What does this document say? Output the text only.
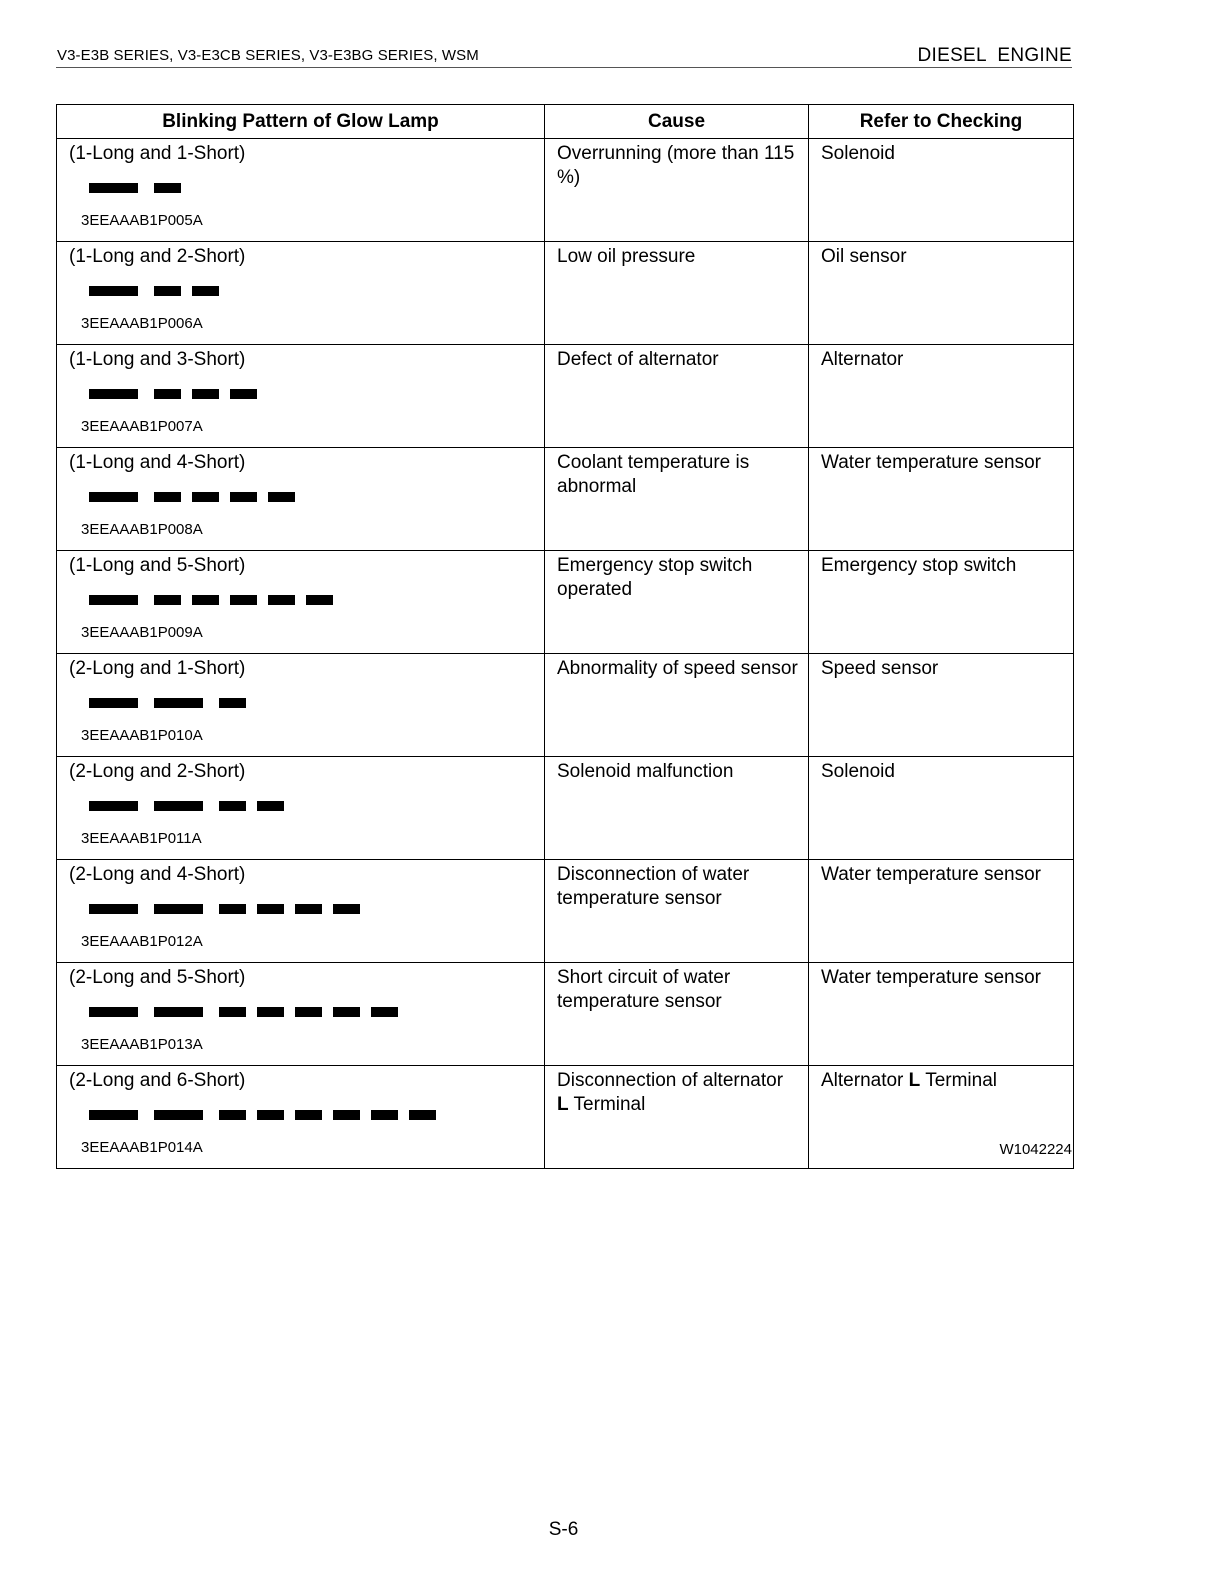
V3-E3B SERIES, V3-E3CB SERIES, V3-E3BG SERIES, WSM	DIESEL  ENGINE
Blinking Pattern of Glow Lamp	Cause	Refer to Checking

(1-Long and 1-Short)
3EEAAAB1P005A	Overrunning (more than 115 %)	Solenoid

(1-Long and 2-Short)
3EEAAAB1P006A	Low oil pressure	Oil sensor

(1-Long and 3-Short)
3EEAAAB1P007A	Defect of alternator	Alternator

(1-Long and 4-Short)
3EEAAAB1P008A	Coolant temperature is abnormal	Water temperature sensor

(1-Long and 5-Short)
3EEAAAB1P009A	Emergency stop switch operated	Emergency stop switch

(2-Long and 1-Short)
3EEAAAB1P010A	Abnormality of speed sensor	Speed sensor

(2-Long and 2-Short)
3EEAAAB1P011A	Solenoid malfunction	Solenoid

(2-Long and 4-Short)
3EEAAAB1P012A	Disconnection of water temperature sensor	Water temperature sensor

(2-Long and 5-Short)
3EEAAAB1P013A	Short circuit of water temperature sensor	Water temperature sensor

(2-Long and 6-Short)
3EEAAAB1P014A	Disconnection of alternator
L Terminal	Alternator L Terminal
W1042224
S-6
